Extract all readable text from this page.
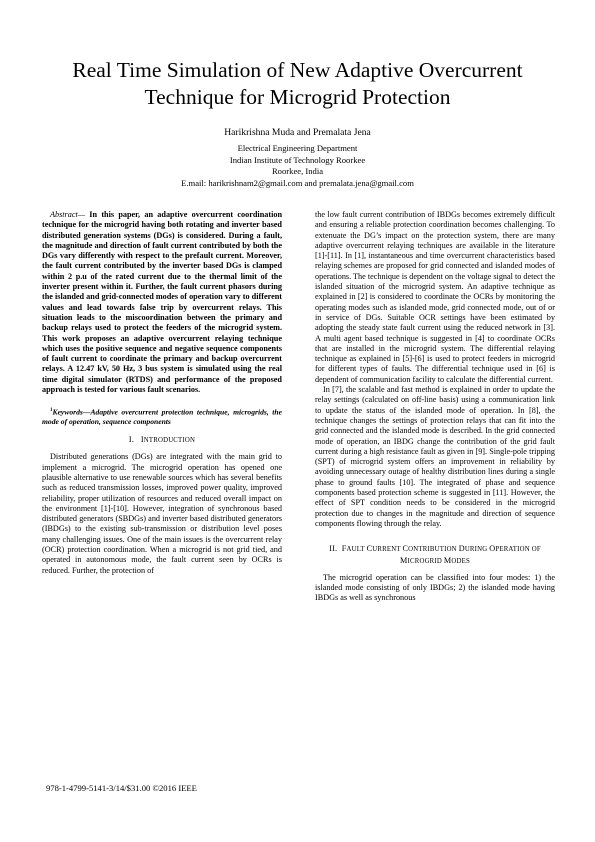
Real Time Simulation of New Adaptive Overcurrent
Technique for Microgrid Protection
Harikrishna Muda and Premalata Jena
Electrical Engineering Department
Indian Institute of Technology Roorkee
Roorkee, India
E.mail: harikrishnam2@gmail.com and premalata.jena@gmail.com

Abstract— In this paper, an adaptive overcurrent coordination technique for the microgrid having both rotating and inverter based distributed generation systems (DGs) is considered. During a fault, the magnitude and direction of fault current contributed by both the DGs vary differently with respect to the prefault current. Moreover, the fault current contributed by the inverter based DGs is clamped within 2 p.u of the rated current due to the thermal limit of the inverter present within it. Further, the fault current phasors during the islanded and grid-connected modes of operation vary to different values and lead towards false trip by overcurrent relays. This situation leads to the miscoordination between the primary and backup relays used to protect the feeders of the microgrid system. This work proposes an adaptive overcurrent relaying technique which uses the positive sequence and negative sequence components of fault current to coordinate the primary and backup overcurrent relays. A 12.47 kV, 50 Hz, 3 bus system is simulated using the real time digital simulator (RTDS) and performance of the proposed approach is tested for various fault scenarios.

$^1$Keywords—Adaptive overcurrent protection technique, microgrids, the mode of operation, sequence components

I. INTRODUCTION

Distributed generations (DGs) are integrated with the main grid to implement a microgrid. The microgrid operation has opened one plausible alternative to use renewable sources which has several benefits such as reduced transmission losses, improved power quality, improved reliability, proper utilization of resources and reduced overall impact on the environment [1]-[10]. However, integration of synchronous based distributed generators (SBDGs) and inverter based distributed generators (IBDGs) to the existing sub-transmission or distribution level poses many challenging issues. One of the main issues is the overcurrent relay (OCR) protection coordination. When a microgrid is not grid tied, and operated in autonomous mode, the fault current seen by OCRs is reduced. Further, the protection of

the low fault current contribution of IBDGs becomes extremely difficult and ensuring a reliable protection coordination becomes challenging. To extenuate the DG’s impact on the protection system, there are many adaptive overcurrent relaying techniques are available in the literature [1]-[11]. In [1], instantaneous and time overcurrent characteristics based relaying schemes are proposed for grid connected and islanded modes of operations. The technique is dependent on the voltage signal to detect the islanded situation of the microgrid system. An adaptive technique as explained in [2] is considered to coordinate the OCRs by monitoring the operating modes such as islanded mode, grid connected mode, out of or in service of DGs. Suitable OCR settings have been estimated by adopting the steady state fault current using the reduced network in [3]. A multi agent based technique is suggested in [4] to coordinate OCRs that are installed in the microgrid system. The differential relaying technique as explained in [5]-[6] is used to protect feeders in microgrid for different types of faults. The differential technique used in [6] is dependent of communication facility to calculate the differential current.

In [7], the scalable and fast method is explained in order to update the relay settings (calculated on off-line basis) using a communication link to update the status of the islanded mode of operation. In [8], the technique changes the settings of protection relays that can fit into the grid connected and the islanded mode is described. In the grid connected mode of operation, an IBDG change the contribution of the grid fault current during a high resistance fault as given in [9]. Single-pole tripping (SPT) of microgrid system offers an improvement in reliability by avoiding unnecessary outage of healthy distribution lines during a single phase to ground faults [10]. The integrated of phase and sequence components based protection scheme is suggested in [11]. However, the effect of SPT condition needs to be considered in the microgrid protection due to changes in the magnitude and direction of sequence components flowing through the relay.

II. FAULT CURRENT CONTRIBUTION DURING OPERATION OF
MICROGRID MODES

The microgrid operation can be classified into four modes: 1) the islanded mode consisting of only IBDGs; 2) the islanded mode having IBDGs as well as synchronous

978-1-4799-5141-3/14/$31.00 ©2016 IEEE
